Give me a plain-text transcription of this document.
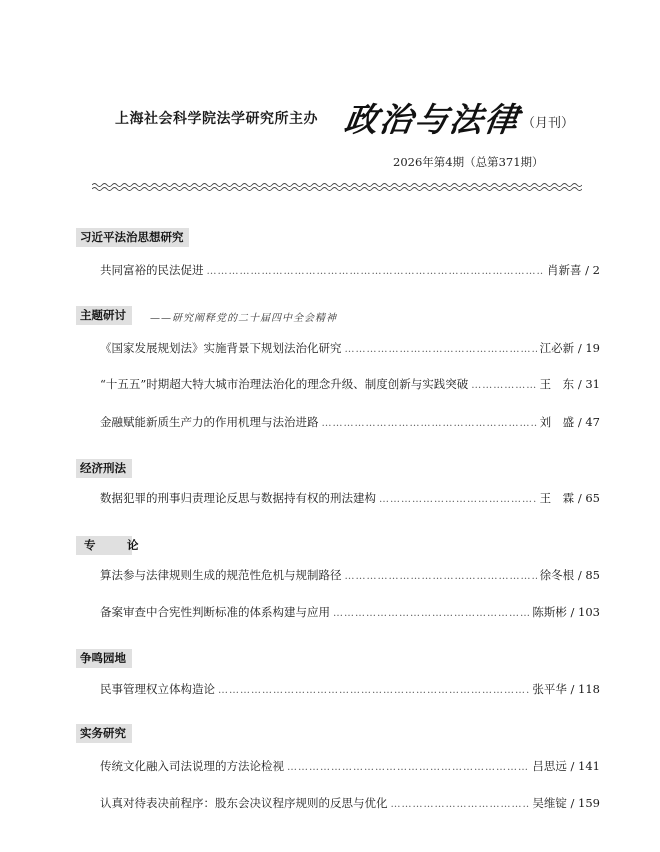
上海社会科学院法学研究所主办 政治与法律 （月刊）
2026年第4期（总第371期）
习近平法治思想研究
共同富裕的民法促进 ……………………………………………………………………………………………………………………………………………………	肖新喜 / 2
主题研讨	——研究阐释党的二十届四中全会精神
《国家发展规划法》实施背景下规划法治化研究 ……………………………………………………………………………………………………………………………………………………	江必新 / 19
“十五五”时期超大特大城市治理法治化的理念升级、制度创新与实践突破 ……………………………………………………………………………………………………………………………………………………	王　东 / 31
金融赋能新质生产力的作用机理与法治进路 ……………………………………………………………………………………………………………………………………………………	刘　盛 / 47
经济刑法
数据犯罪的刑事归责理论反思与数据持有权的刑法建构 ……………………………………………………………………………………………………………………………………………………	王　霖 / 65
专　论
算法参与法律规则生成的规范性危机与规制路径 ……………………………………………………………………………………………………………………………………………………	徐冬根 / 85
备案审查中合宪性判断标准的体系构建与应用 ……………………………………………………………………………………………………………………………………………………	陈斯彬 / 103
争鸣园地
民事管理权立体构造论 ……………………………………………………………………………………………………………………………………………………	张平华 / 118
实务研究
传统文化融入司法说理的方法论检视 ……………………………………………………………………………………………………………………………………………………	吕思远 / 141
认真对待表决前程序：股东会决议程序规则的反思与优化 ……………………………………………………………………………………………………………………………………………………	吴维锭 / 159
